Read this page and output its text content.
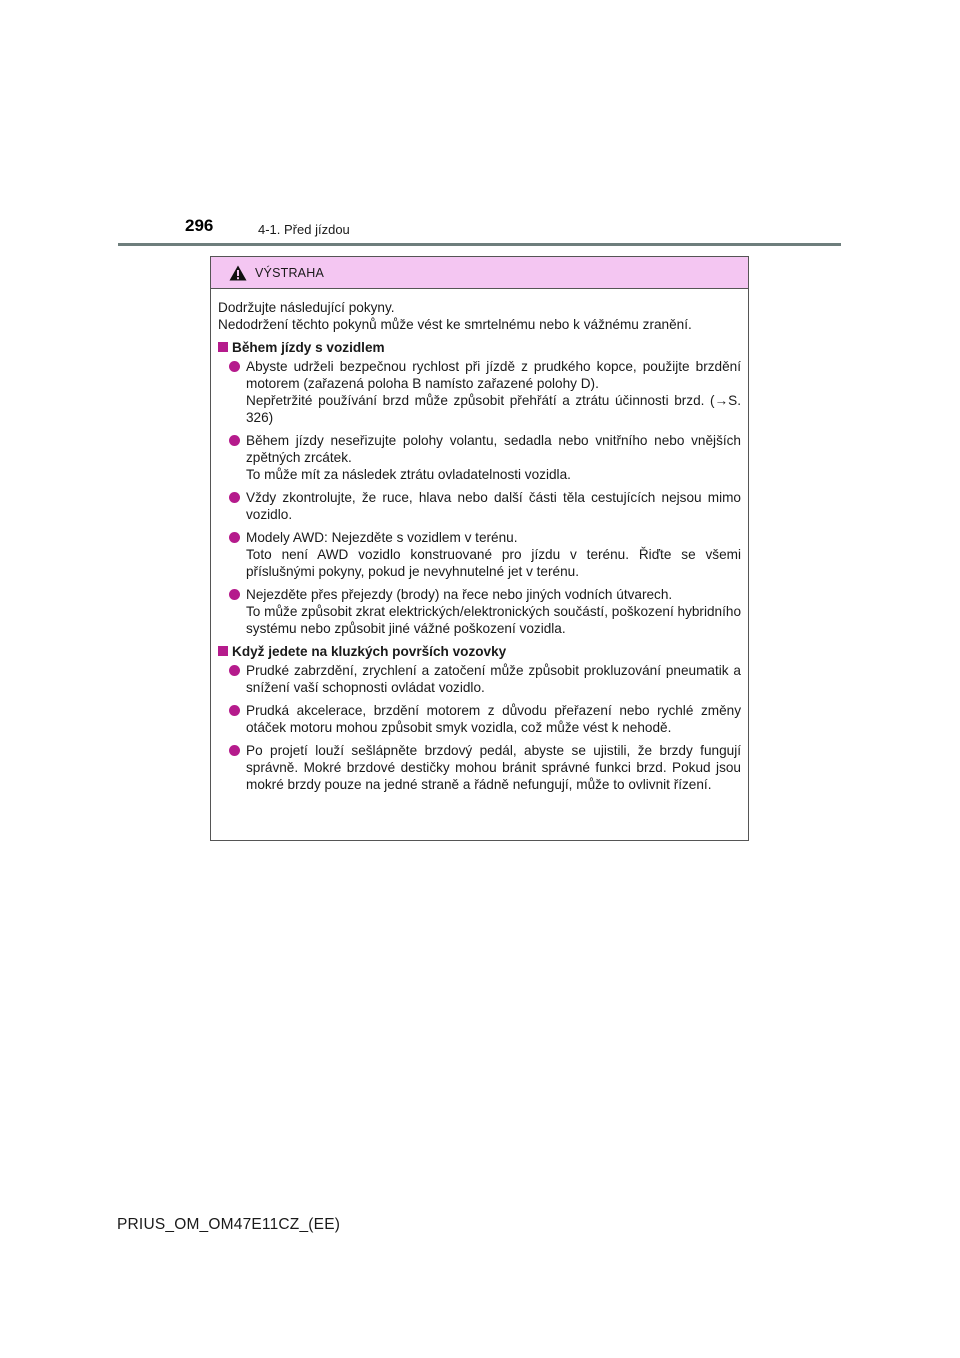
296	4-1. Před jízdou
VÝSTRAHA

Dodržujte následující pokyny.

Nedodržení těchto pokynů může vést ke smrtelnému nebo k vážnému zranění.

Během jízdy s vozidlem
Abyste udrželi bezpečnou rychlost při jízdě z prudkého kopce, použijte brzdění motorem (zařazená poloha B namísto zařazené polohy D).
Nepřetržité používání brzd může způsobit přehřátí a ztrátu účinnosti brzd. (→S. 326)
Během jízdy neseřizujte polohy volantu, sedadla nebo vnitřního nebo vnějších zpětných zrcátek.
To může mít za následek ztrátu ovladatelnosti vozidla.
Vždy zkontrolujte, že ruce, hlava nebo další části těla cestujících nejsou mimo vozidlo.
Modely AWD: Nejezděte s vozidlem v terénu.
Toto není AWD vozidlo konstruované pro jízdu v terénu. Řiďte se všemi příslušnými pokyny, pokud je nevyhnutelné jet v terénu.
Nejezděte přes přejezdy (brody) na řece nebo jiných vodních útvarech.
To může způsobit zkrat elektrických/elektronických součástí, poškození hybridního systému nebo způsobit jiné vážné poškození vozidla.
Když jedete na kluzkých površích vozovky
Prudké zabrzdění, zrychlení a zatočení může způsobit prokluzování pneumatik a snížení vaší schopnosti ovládat vozidlo.
Prudká akcelerace, brzdění motorem z důvodu přeřazení nebo rychlé změny otáček motoru mohou způsobit smyk vozidla, což může vést k nehodě.
Po projetí louží sešlápněte brzdový pedál, abyste se ujistili, že brzdy fungují správně. Mokré brzdové destičky mohou bránit správné funkci brzd. Pokud jsou mokré brzdy pouze na jedné straně a řádně nefungují, může to ovlivnit řízení.
PRIUS_OM_OM47E11CZ_(EE)
